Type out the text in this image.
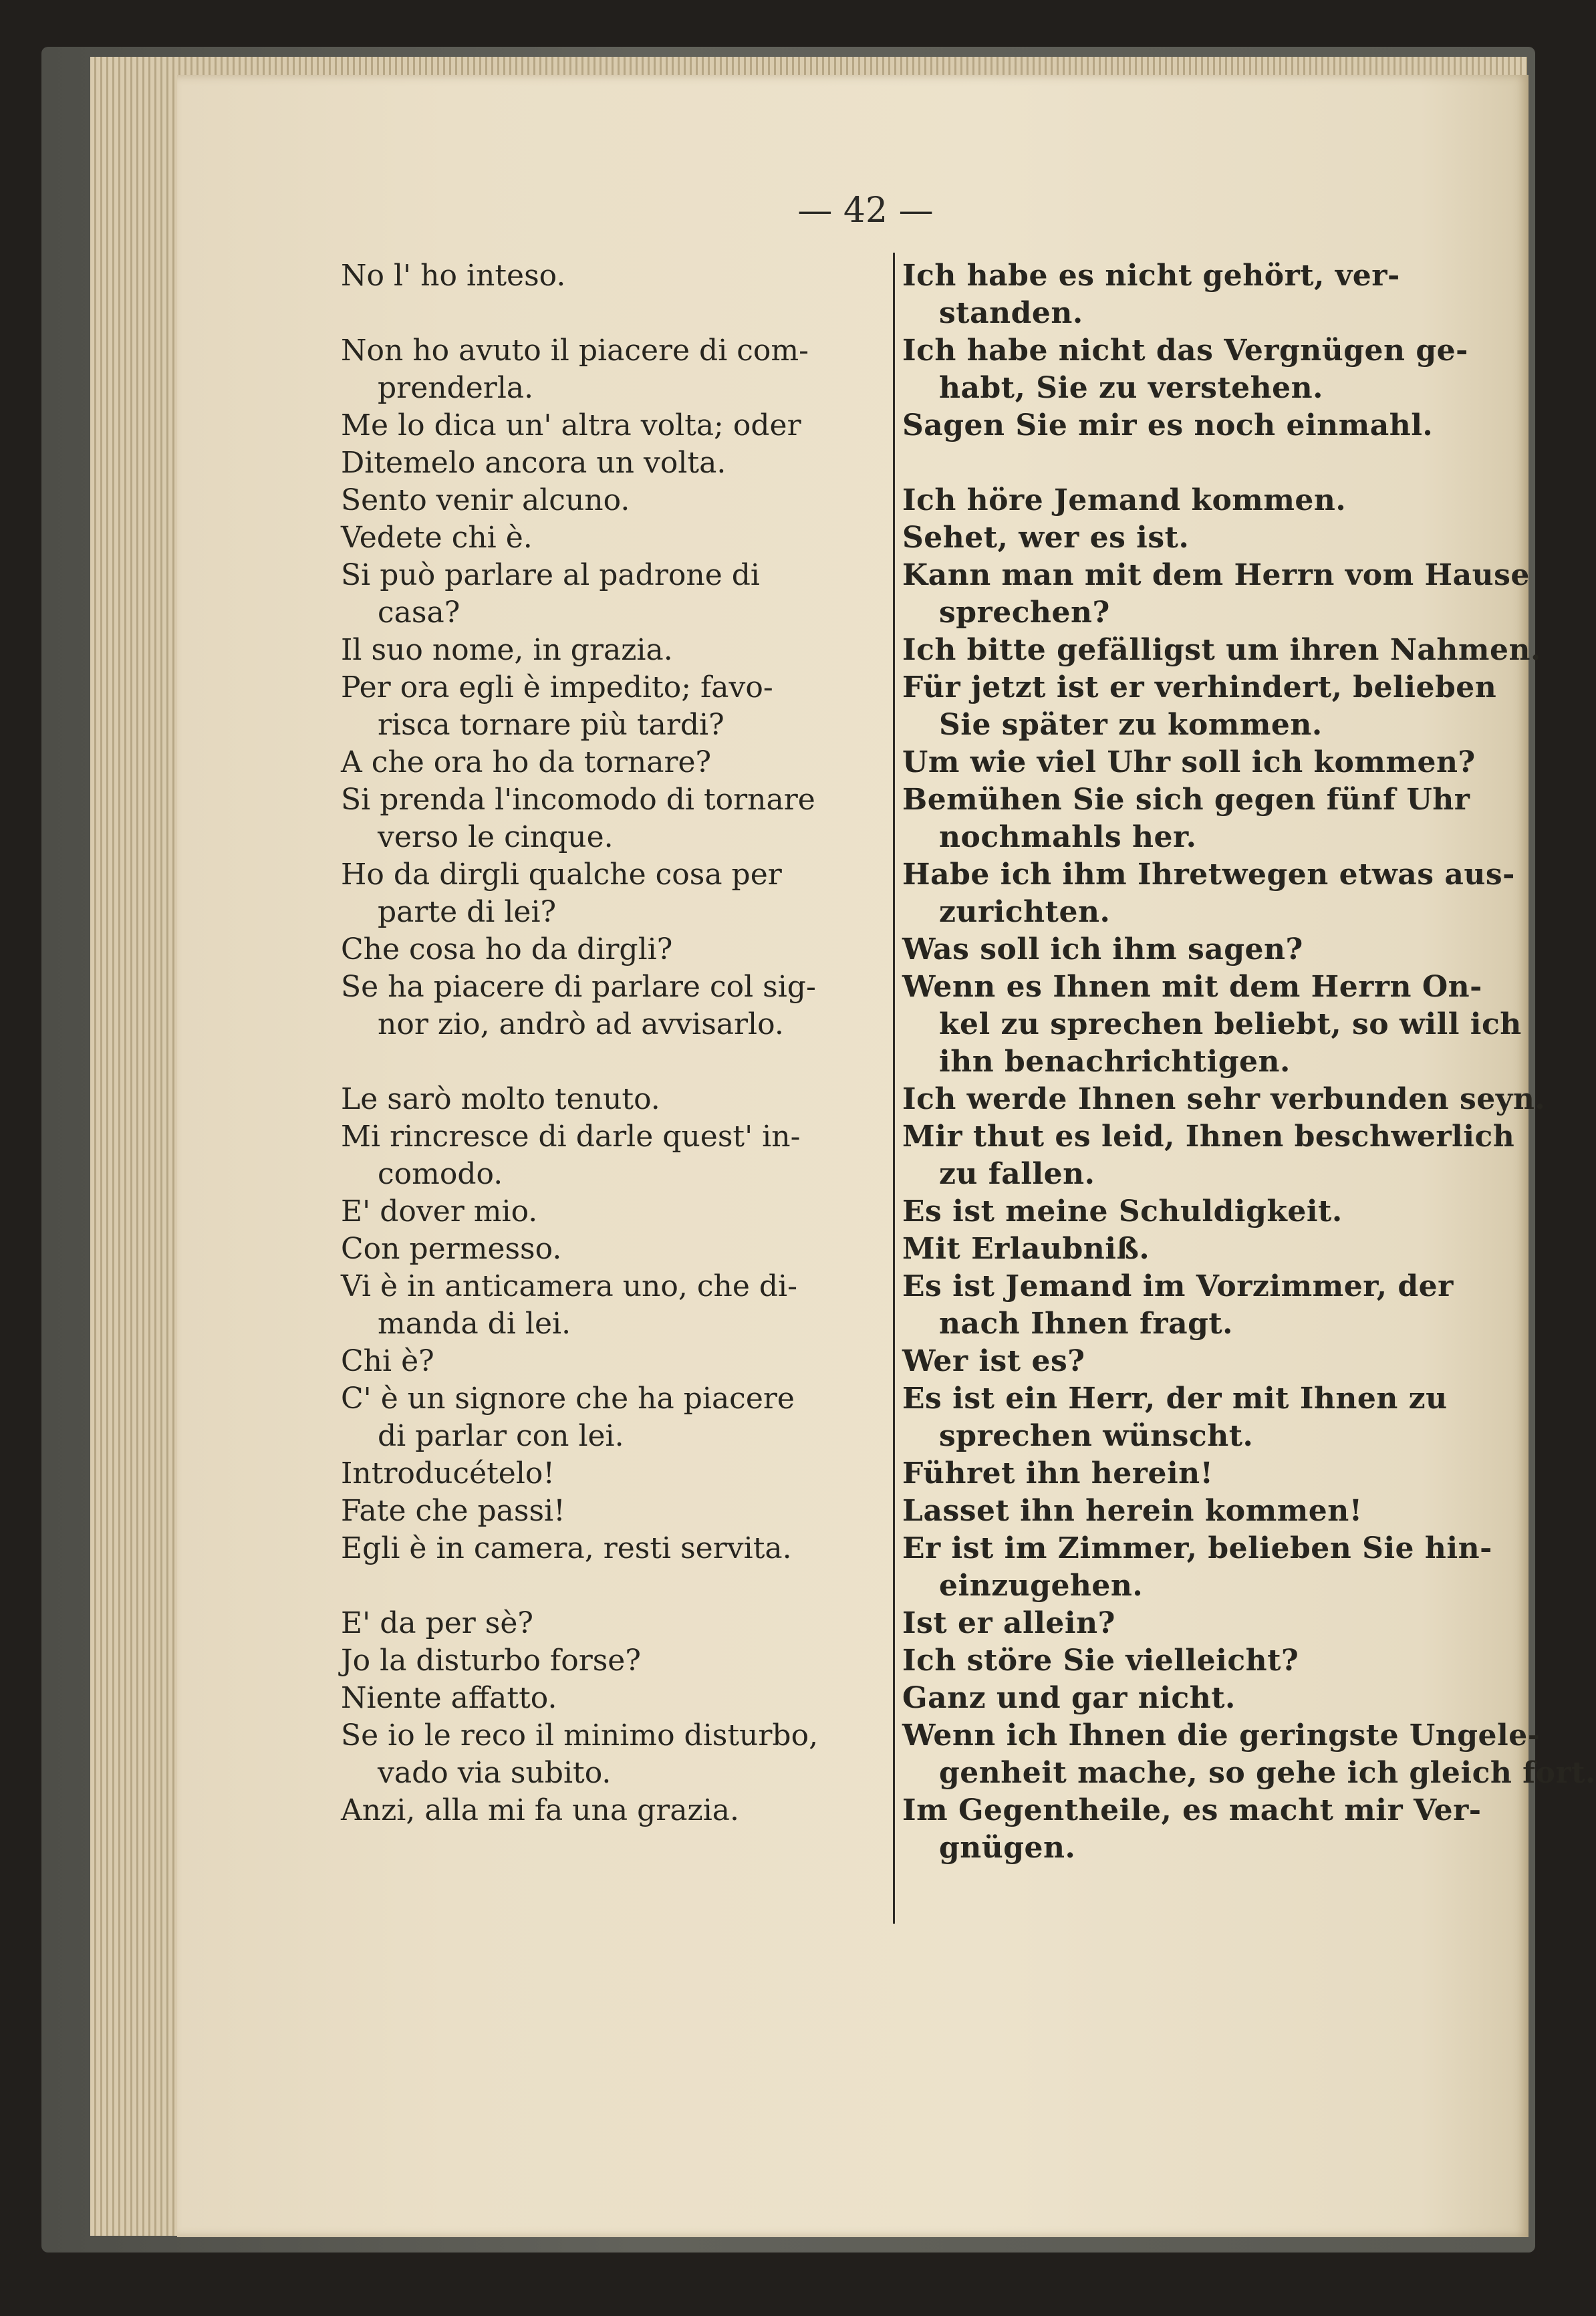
— 42 —
No l' ho inteso.
Non ho avuto il piacere di com-
prenderla.
Me lo dica un' altra volta; oder
Ditemelo ancora un volta.
Sento venir alcuno.
Vedete chi è.
Si può parlare al padrone di
casa?
Il suo nome, in grazia.
Per ora egli è impedito; favo-
risca tornare più tardi?
A che ora ho da tornare?
Si prenda l'incomodo di tornare
verso le cinque.
Ho da dirgli qualche cosa per
parte di lei?
Che cosa ho da dirgli?
Se ha piacere di parlare col sig-
nor zio, andrò ad avvisarlo.
Le sarò molto tenuto.
Mi rincresce di darle quest' in-
comodo.
E' dover mio.
Con permesso.
Vi è in anticamera uno, che di-
manda di lei.
Chi è?
C' è un signore che ha piacere
di parlar con lei.
Introducételo!
Fate che passi!
Egli è in camera, resti servita.
E' da per sè?
Jo la disturbo forse?
Niente affatto.
Se io le reco il minimo disturbo,
vado via subito.
Anzi, alla mi fa una grazia.
Ich habe es nicht gehört, ver-
standen.
Ich habe nicht das Vergnügen ge-
habt, Sie zu verstehen.
Sagen Sie mir es noch einmahl.
Ich höre Jemand kommen.
Sehet, wer es ist.
Kann man mit dem Herrn vom Hause
sprechen?
Ich bitte gefälligst um ihren Nahmen.
Für jetzt ist er verhindert, belieben
Sie später zu kommen.
Um wie viel Uhr soll ich kommen?
Bemühen Sie sich gegen fünf Uhr
nochmahls her.
Habe ich ihm Ihretwegen etwas aus-
zurichten.
Was soll ich ihm sagen?
Wenn es Ihnen mit dem Herrn On-
kel zu sprechen beliebt, so will ich
ihn benachrichtigen.
Ich werde Ihnen sehr verbunden seyn.
Mir thut es leid, Ihnen beschwerlich
zu fallen.
Es ist meine Schuldigkeit.
Mit Erlaubniß.
Es ist Jemand im Vorzimmer, der
nach Ihnen fragt.
Wer ist es?
Es ist ein Herr, der mit Ihnen zu
sprechen wünscht.
Führet ihn herein!
Lasset ihn herein kommen!
Er ist im Zimmer, belieben Sie hin-
einzugehen.
Ist er allein?
Ich störe Sie vielleicht?
Ganz und gar nicht.
Wenn ich Ihnen die geringste Ungele-
genheit mache, so gehe ich gleich fort.
Im Gegentheile, es macht mir Ver-
gnügen.
